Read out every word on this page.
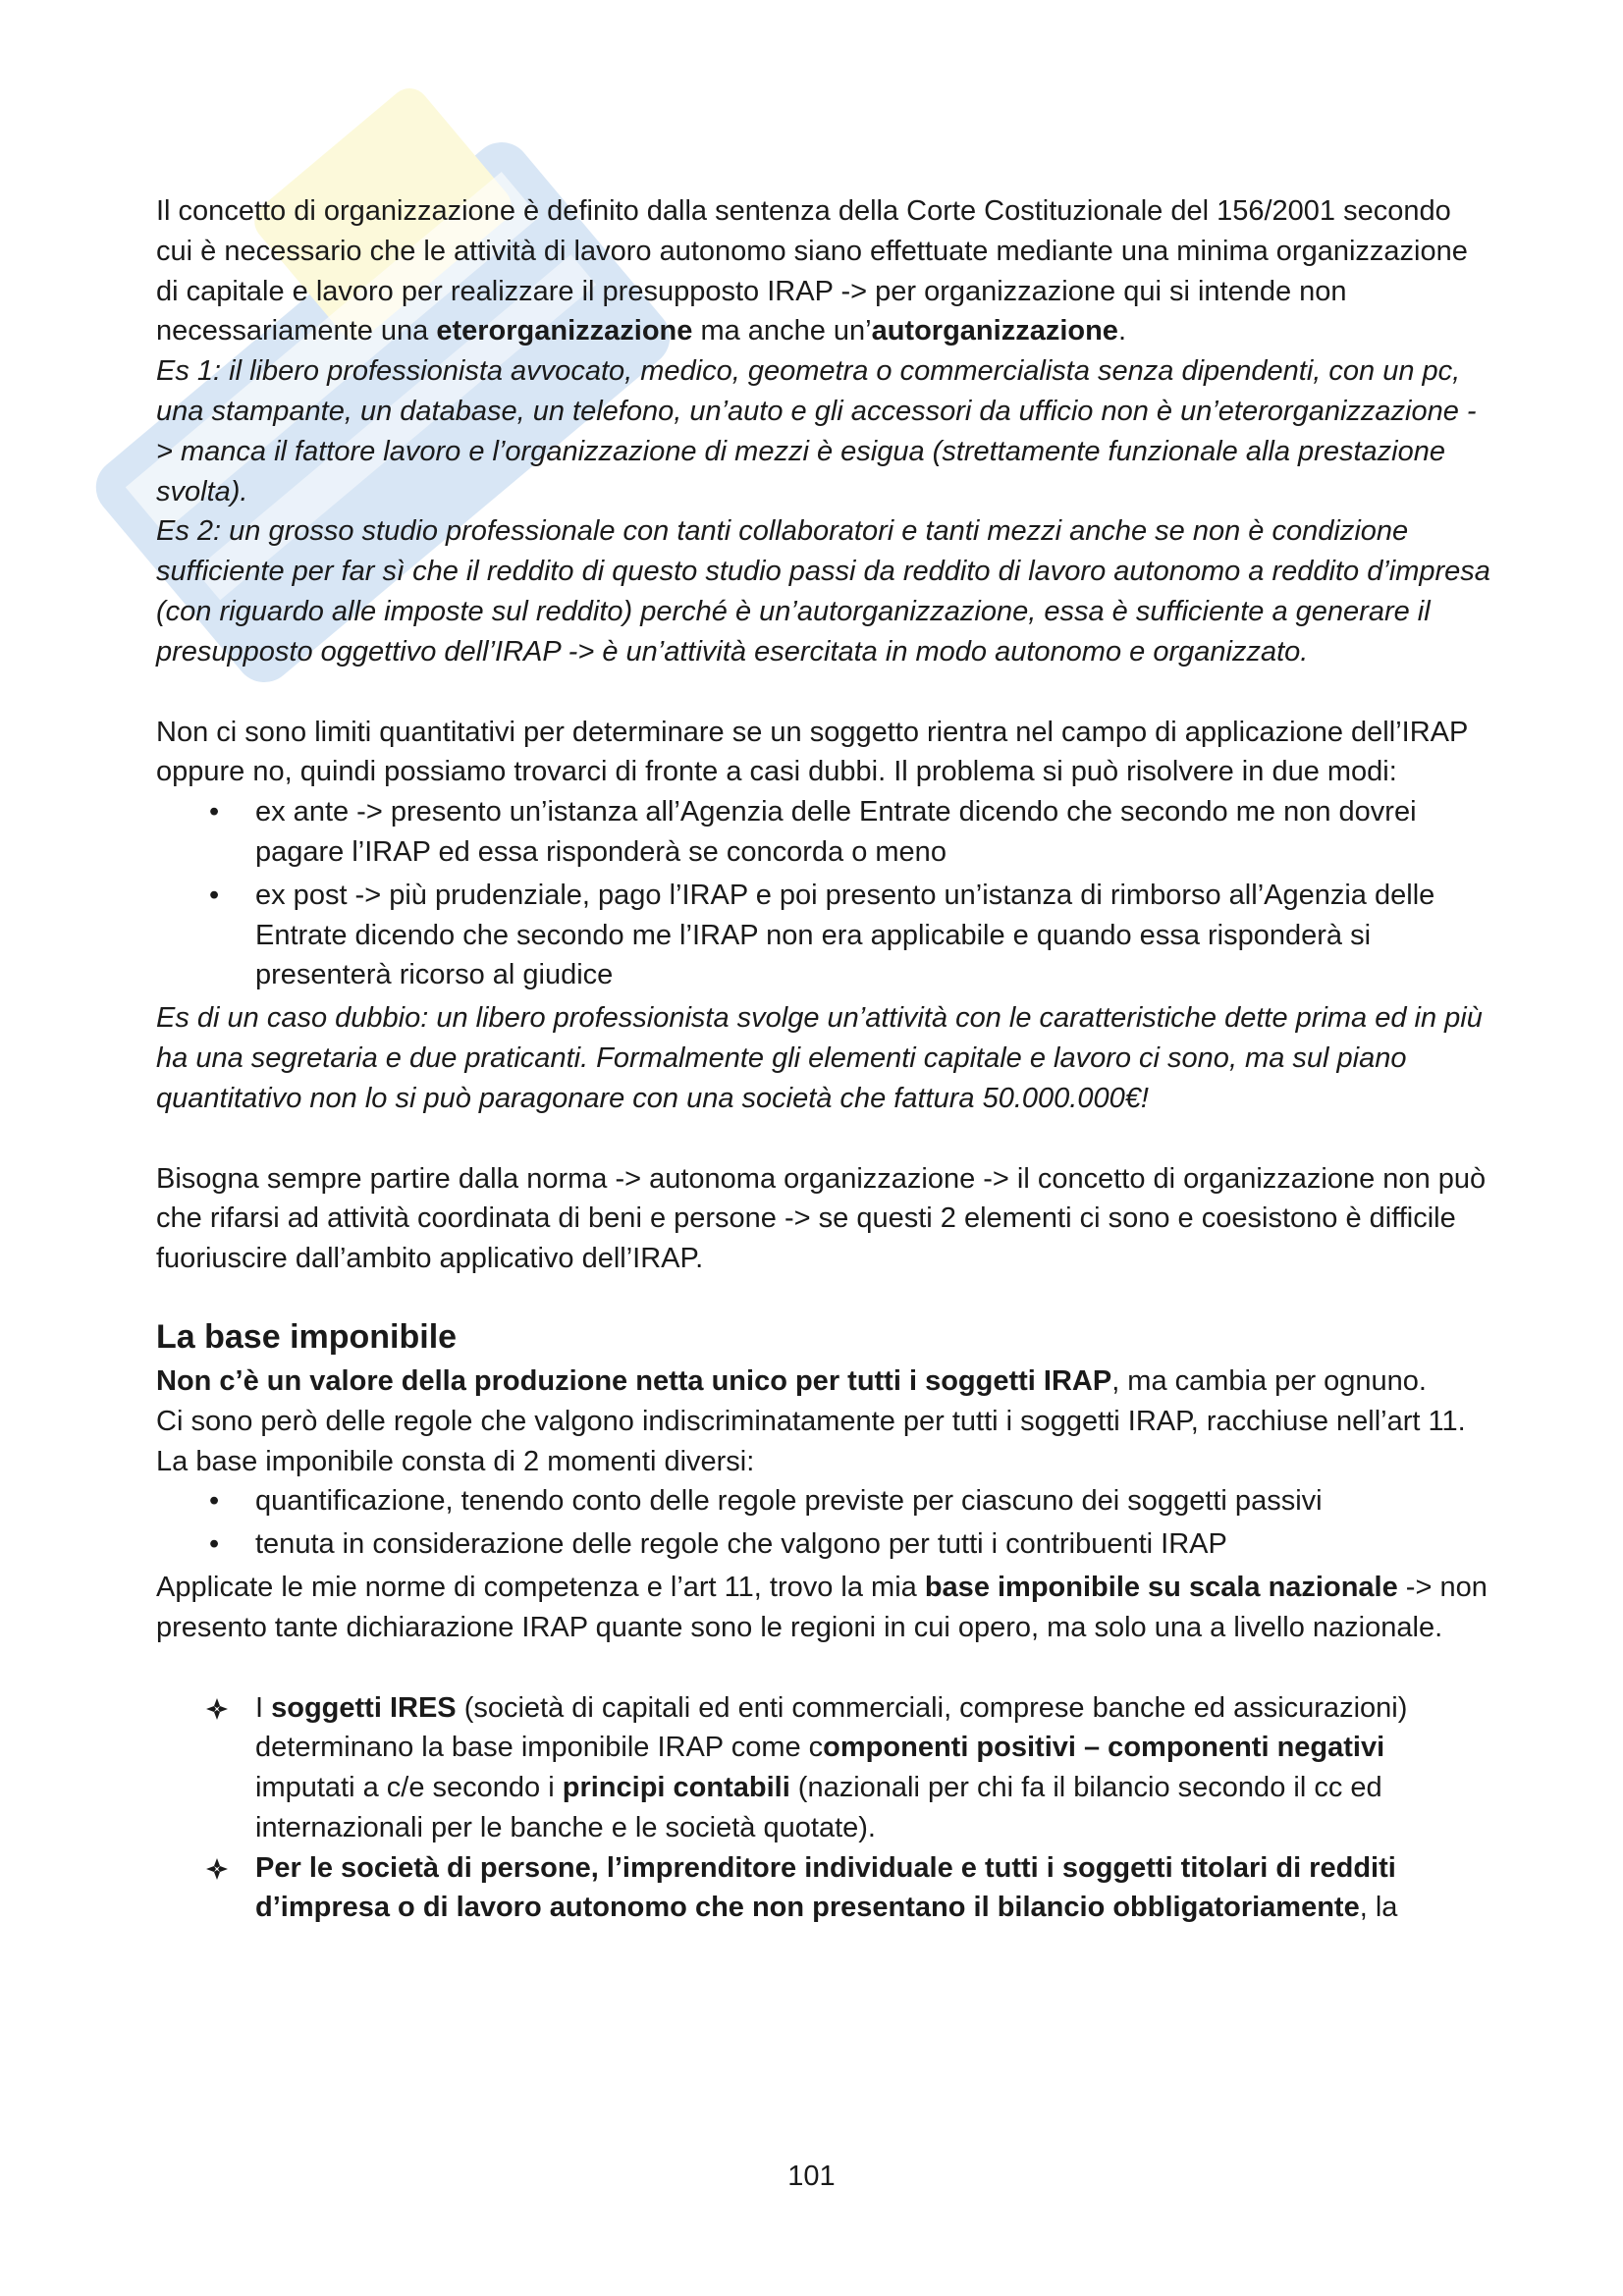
Il concetto di organizzazione è definito dalla sentenza della Corte Costituzionale del 156/2001 secondo cui è necessario che le attività di lavoro autonomo siano effettuate mediante una minima organizzazione di capitale e lavoro per realizzare il presupposto IRAP -> per organizzazione qui si intende non necessariamente una eterorganizzazione ma anche un’autorganizzazione.

Es 1: il libero professionista avvocato, medico, geometra o commercialista senza dipendenti, con un pc, una stampante, un database, un telefono, un’auto e gli accessori da ufficio non è un’eterorganizzazione -> manca il fattore lavoro e l’organizzazione di mezzi è esigua (strettamente funzionale alla prestazione svolta).

Es 2: un grosso studio professionale con tanti collaboratori e tanti mezzi anche se non è condizione sufficiente per far sì che il reddito di questo studio passi da reddito di lavoro autonomo a reddito d’impresa (con riguardo alle imposte sul reddito) perché è un’autorganizzazione, essa è sufficiente a generare il presupposto oggettivo dell’IRAP -> è un’attività esercitata in modo autonomo e organizzato.

Non ci sono limiti quantitativi per determinare se un soggetto rientra nel campo di applicazione dell’IRAP oppure no, quindi possiamo trovarci di fronte a casi dubbi. Il problema si può risolvere in due modi:

• ex ante -> presento un’istanza all’Agenzia delle Entrate dicendo che secondo me non dovrei pagare l’IRAP ed essa risponderà se concorda o meno
• ex post -> più prudenziale, pago l’IRAP e poi presento un’istanza di rimborso all’Agenzia delle Entrate dicendo che secondo me l’IRAP non era applicabile e quando essa risponderà si presenterà ricorso al giudice

Es di un caso dubbio: un libero professionista svolge un’attività con le caratteristiche dette prima ed in più ha una segretaria e due praticanti. Formalmente gli elementi capitale e lavoro ci sono, ma sul piano quantitativo non lo si può paragonare con una società che fattura 50.000.000€!

Bisogna sempre partire dalla norma -> autonoma organizzazione -> il concetto di organizzazione non può che rifarsi ad attività coordinata di beni e persone -> se questi 2 elementi ci sono e coesistono è difficile fuoriuscire dall’ambito applicativo dell’IRAP.

La base imponibile

Non c’è un valore della produzione netta unico per tutti i soggetti IRAP, ma cambia per ognuno.

Ci sono però delle regole che valgono indiscriminatamente per tutti i soggetti IRAP, racchiuse nell’art 11.

La base imponibile consta di 2 momenti diversi:

• quantificazione, tenendo conto delle regole previste per ciascuno dei soggetti passivi
• tenuta in considerazione delle regole che valgono per tutti i contribuenti IRAP

Applicate le mie norme di competenza e l’art 11, trovo la mia base imponibile su scala nazionale -> non presento tante dichiarazione IRAP quante sono le regioni in cui opero, ma solo una a livello nazionale.

I soggetti IRES (società di capitali ed enti commerciali, comprese banche ed assicurazioni) determinano la base imponibile IRAP come componenti positivi – componenti negativi imputati a c/e secondo i principi contabili (nazionali per chi fa il bilancio secondo il cc ed internazionali per le banche e le società quotate).
Per le società di persone, l’imprenditore individuale e tutti i soggetti titolari di redditi d’impresa o di lavoro autonomo che non presentano il bilancio obbligatoriamente, la
101
